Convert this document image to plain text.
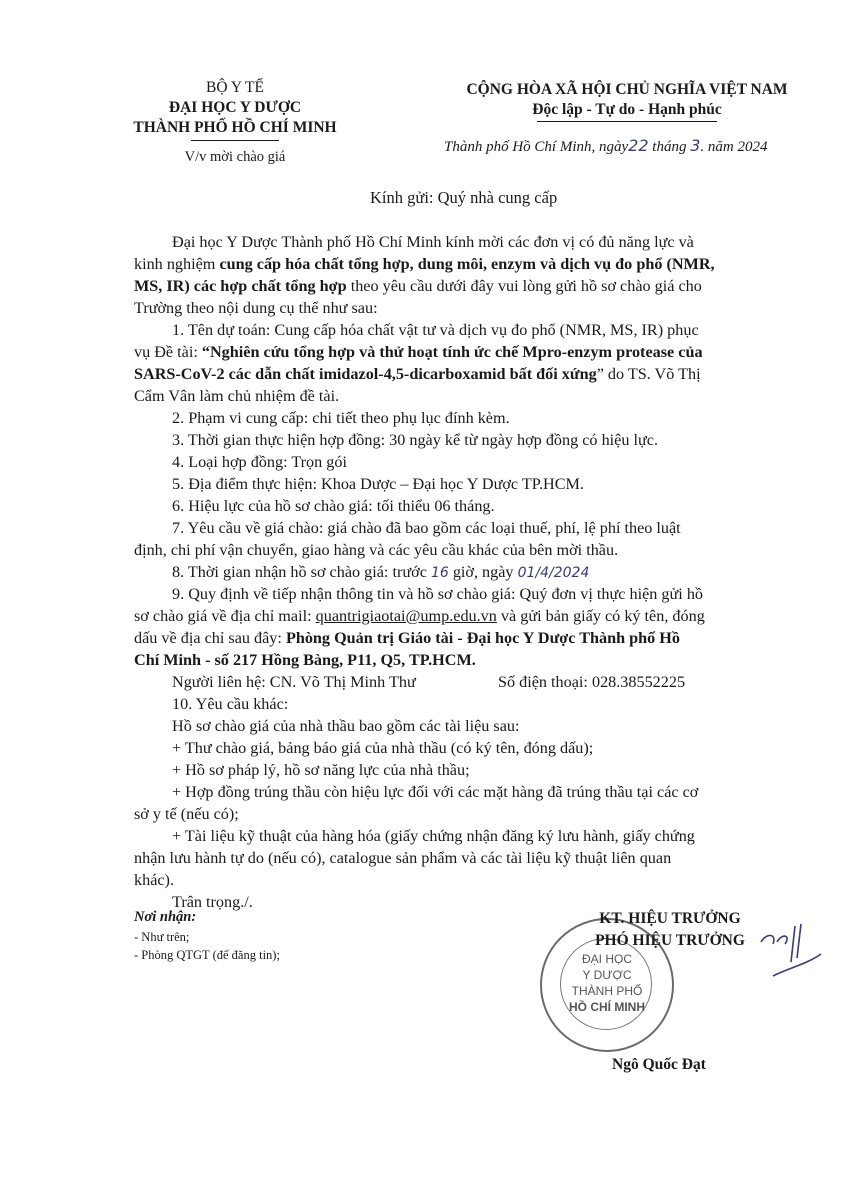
BỘ Y TẾ
ĐẠI HỌC Y DƯỢC
THÀNH PHỐ HỒ CHÍ MINH
V/v mời chào giá
CỘNG HÒA XÃ HỘI CHỦ NGHĨA VIỆT NAM
Độc lập - Tự do - Hạnh phúc
Thành phố Hồ Chí Minh, ngày22 tháng 3. năm 2024
Kính gửi: Quý nhà cung cấp

Đại học Y Dược Thành phố Hồ Chí Minh kính mời các đơn vị có đủ năng lực và

kinh nghiệm cung cấp hóa chất tổng hợp, dung môi, enzym và dịch vụ đo phổ (NMR,

MS, IR) các hợp chất tổng hợp theo yêu cầu dưới đây vui lòng gửi hồ sơ chào giá cho

Trường theo nội dung cụ thể như sau:

1. Tên dự toán: Cung cấp hóa chất vật tư và dịch vụ đo phổ (NMR, MS, IR) phục

vụ Đề tài: “Nghiên cứu tổng hợp và thử hoạt tính ức chế Mpro-enzym protease của

SARS-CoV-2 các dẫn chất imidazol-4,5-dicarboxamid bất đối xứng” do TS. Võ Thị

Cẩm Vân làm chủ nhiệm đề tài.

2. Phạm vi cung cấp: chi tiết theo phụ lục đính kèm.

3. Thời gian thực hiện hợp đồng: 30 ngày kể từ ngày hợp đồng có hiệu lực.

4. Loại hợp đồng: Trọn gói

5. Địa điểm thực hiện: Khoa Dược – Đại học Y Dược TP.HCM.

6. Hiệu lực của hồ sơ chào giá: tối thiểu 06 tháng.

7. Yêu cầu về giá chào: giá chào đã bao gồm các loại thuế, phí, lệ phí theo luật

định, chi phí vận chuyển, giao hàng và các yêu cầu khác của bên mời thầu.

8. Thời gian nhận hồ sơ chào giá: trước 16 giờ, ngày 01/4/2024

9. Quy định về tiếp nhận thông tin và hồ sơ chào giá: Quý đơn vị thực hiện gửi hồ

sơ chào giá về địa chỉ mail: quantrigiaotai@ump.edu.vn và gửi bản giấy có ký tên, đóng

dấu về địa chỉ sau đây: Phòng Quản trị Giáo tài - Đại học Y Dược Thành phố Hồ

Chí Minh - số 217 Hồng Bàng, P11, Q5, TP.HCM.

Người liên hệ: CN. Võ Thị Minh Thư	Số điện thoại: 028.38552225

10. Yêu cầu khác:

Hồ sơ chào giá của nhà thầu bao gồm các tài liệu sau:

+ Thư chào giá, bảng báo giá của nhà thầu (có ký tên, đóng dấu);

+ Hồ sơ pháp lý, hồ sơ năng lực của nhà thầu;

+ Hợp đồng trúng thầu còn hiệu lực đối với các mặt hàng đã trúng thầu tại các cơ

sở y tế (nếu có);

+ Tài liệu kỹ thuật của hàng hóa (giấy chứng nhận đăng ký lưu hành, giấy chứng

nhận lưu hành tự do (nếu có), catalogue sản phẩm và các tài liệu kỹ thuật liên quan

khác).

Trân trọng./.

Nơi nhận:
- Như trên;
- Phòng QTGT (để đăng tin);	ĐẠI HỌC
Y DƯỢC
THÀNH PHỐ
HỒ CHÍ MINH
KT. HIỆU TRƯỞNG
PHÓ HIỆU TRƯỞNG
Ngô Quốc Đạt
